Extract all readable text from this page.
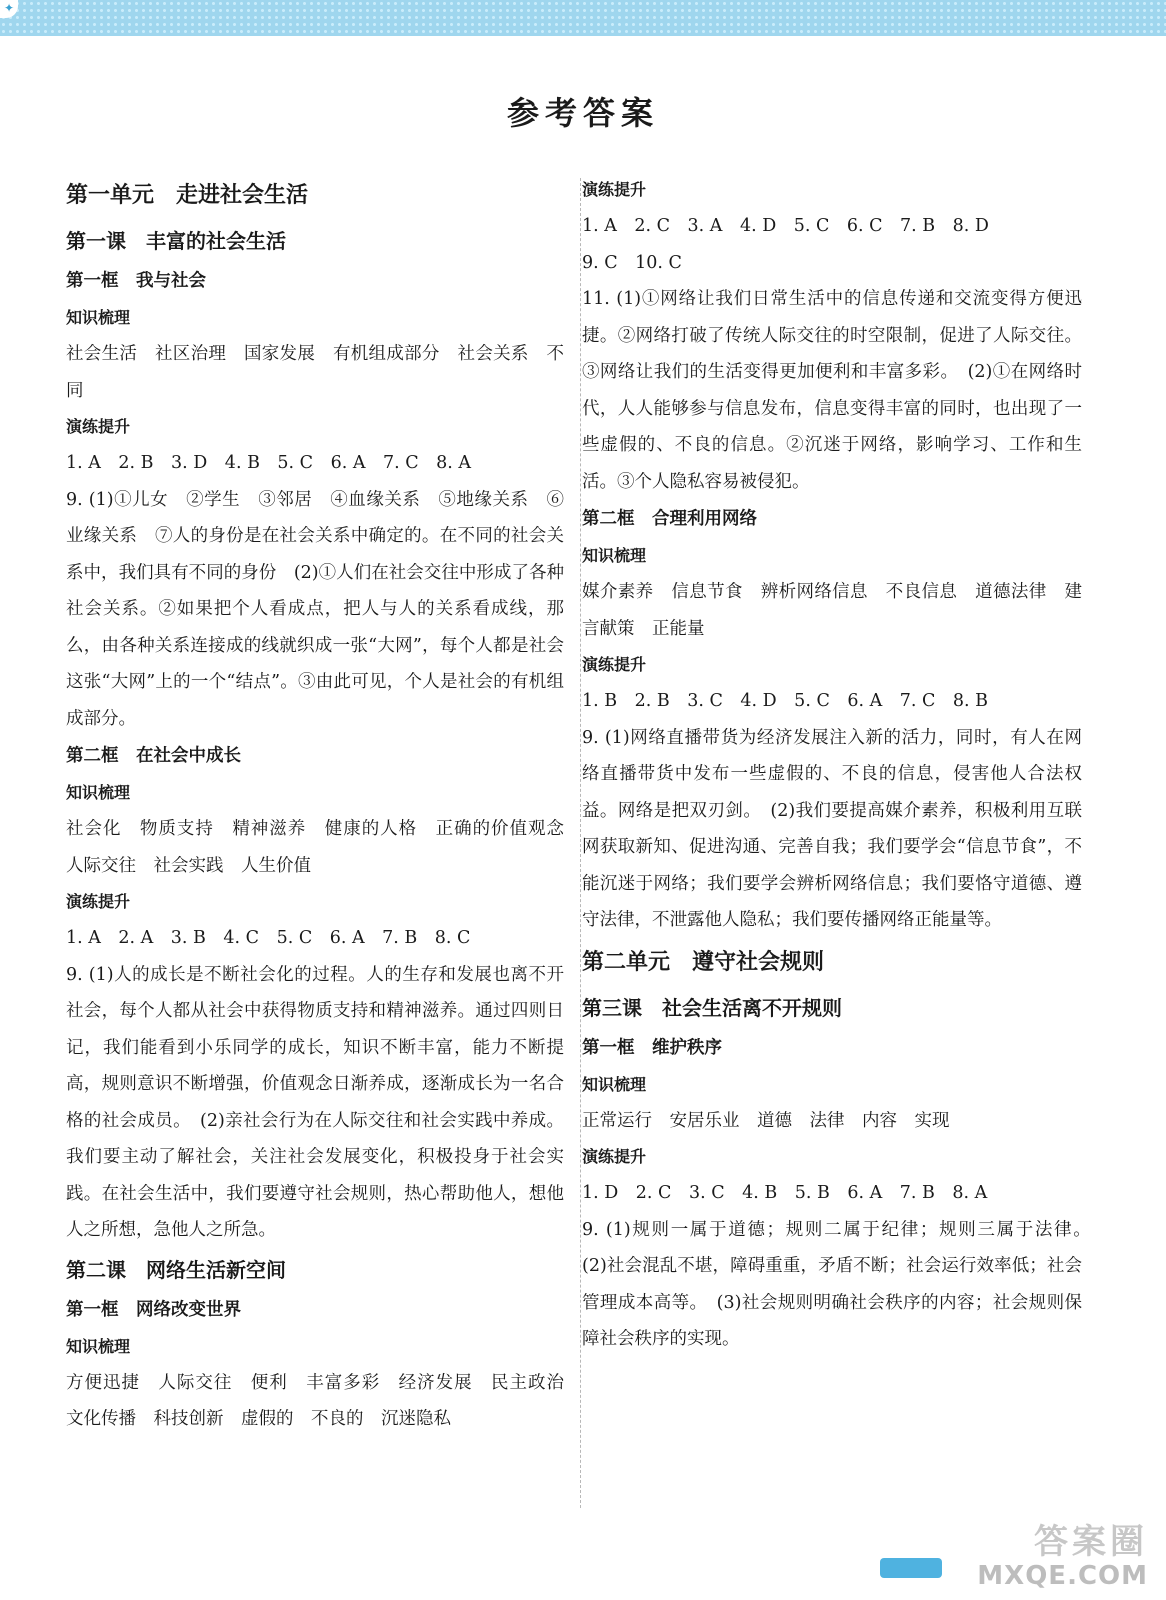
✦
参考答案

第一单元　走进社会生活

第一课　丰富的社会生活

第一框　我与社会

知识梳理

社会生活　社区治理　国家发展　有机组成部分　社会关系　不同

演练提升

1. A　2. B　3. D　4. B　5. C　6. A　7. C　8. A

9. (1)①儿女　②学生　③邻居　④血缘关系　⑤地缘关系　⑥业缘关系　⑦人的身份是在社会关系中确定的。在不同的社会关系中，我们具有不同的身份　(2)①人们在社会交往中形成了各种社会关系。②如果把个人看成点，把人与人的关系看成线，那么，由各种关系连接成的线就织成一张“大网”，每个人都是社会这张“大网”上的一个“结点”。③由此可见，个人是社会的有机组成部分。

第二框　在社会中成长

知识梳理

社会化　物质支持　精神滋养　健康的人格　正确的价值观念　人际交往　社会实践　人生价值

演练提升

1. A　2. A　3. B　4. C　5. C　6. A　7. B　8. C

9. (1)人的成长是不断社会化的过程。人的生存和发展也离不开社会，每个人都从社会中获得物质支持和精神滋养。通过四则日记，我们能看到小乐同学的成长，知识不断丰富，能力不断提高，规则意识不断增强，价值观念日渐养成，逐渐成长为一名合格的社会成员。　(2)亲社会行为在人际交往和社会实践中养成。我们要主动了解社会，关注社会发展变化，积极投身于社会实践。在社会生活中，我们要遵守社会规则，热心帮助他人，想他人之所想，急他人之所急。

第二课　网络生活新空间

第一框　网络改变世界

知识梳理

方便迅捷　人际交往　便利　丰富多彩　经济发展　民主政治　文化传播　科技创新　虚假的　不良的　沉迷隐私

演练提升

1. A　2. C　3. A　4. D　5. C　6. C　7. B　8. D

9. C　10. C

11. (1)①网络让我们日常生活中的信息传递和交流变得方便迅捷。②网络打破了传统人际交往的时空限制，促进了人际交往。③网络让我们的生活变得更加便利和丰富多彩。　(2)①在网络时代，人人能够参与信息发布，信息变得丰富的同时，也出现了一些虚假的、不良的信息。②沉迷于网络，影响学习、工作和生活。③个人隐私容易被侵犯。

第二框　合理利用网络

知识梳理

媒介素养　信息节食　辨析网络信息　不良信息　道德法律　建言献策　正能量

演练提升

1. B　2. B　3. C　4. D　5. C　6. A　7. C　8. B

9. (1)网络直播带货为经济发展注入新的活力，同时，有人在网络直播带货中发布一些虚假的、不良的信息，侵害他人合法权益。网络是把双刃剑。　(2)我们要提高媒介素养，积极利用互联网获取新知、促进沟通、完善自我；我们要学会“信息节食”，不能沉迷于网络；我们要学会辨析网络信息；我们要恪守道德、遵守法律，不泄露他人隐私；我们要传播网络正能量等。

第二单元　遵守社会规则

第三课　社会生活离不开规则

第一框　维护秩序

知识梳理

正常运行　安居乐业　道德　法律　内容　实现

演练提升

1. D　2. C　3. C　4. B　5. B　6. A　7. B　8. A

9. (1)规则一属于道德；规则二属于纪律；规则三属于法律。　(2)社会混乱不堪，障碍重重，矛盾不断；社会运行效率低；社会管理成本高等。　(3)社会规则明确社会秩序的内容；社会规则保障社会秩序的实现。

答案圈
MXQE.COM
